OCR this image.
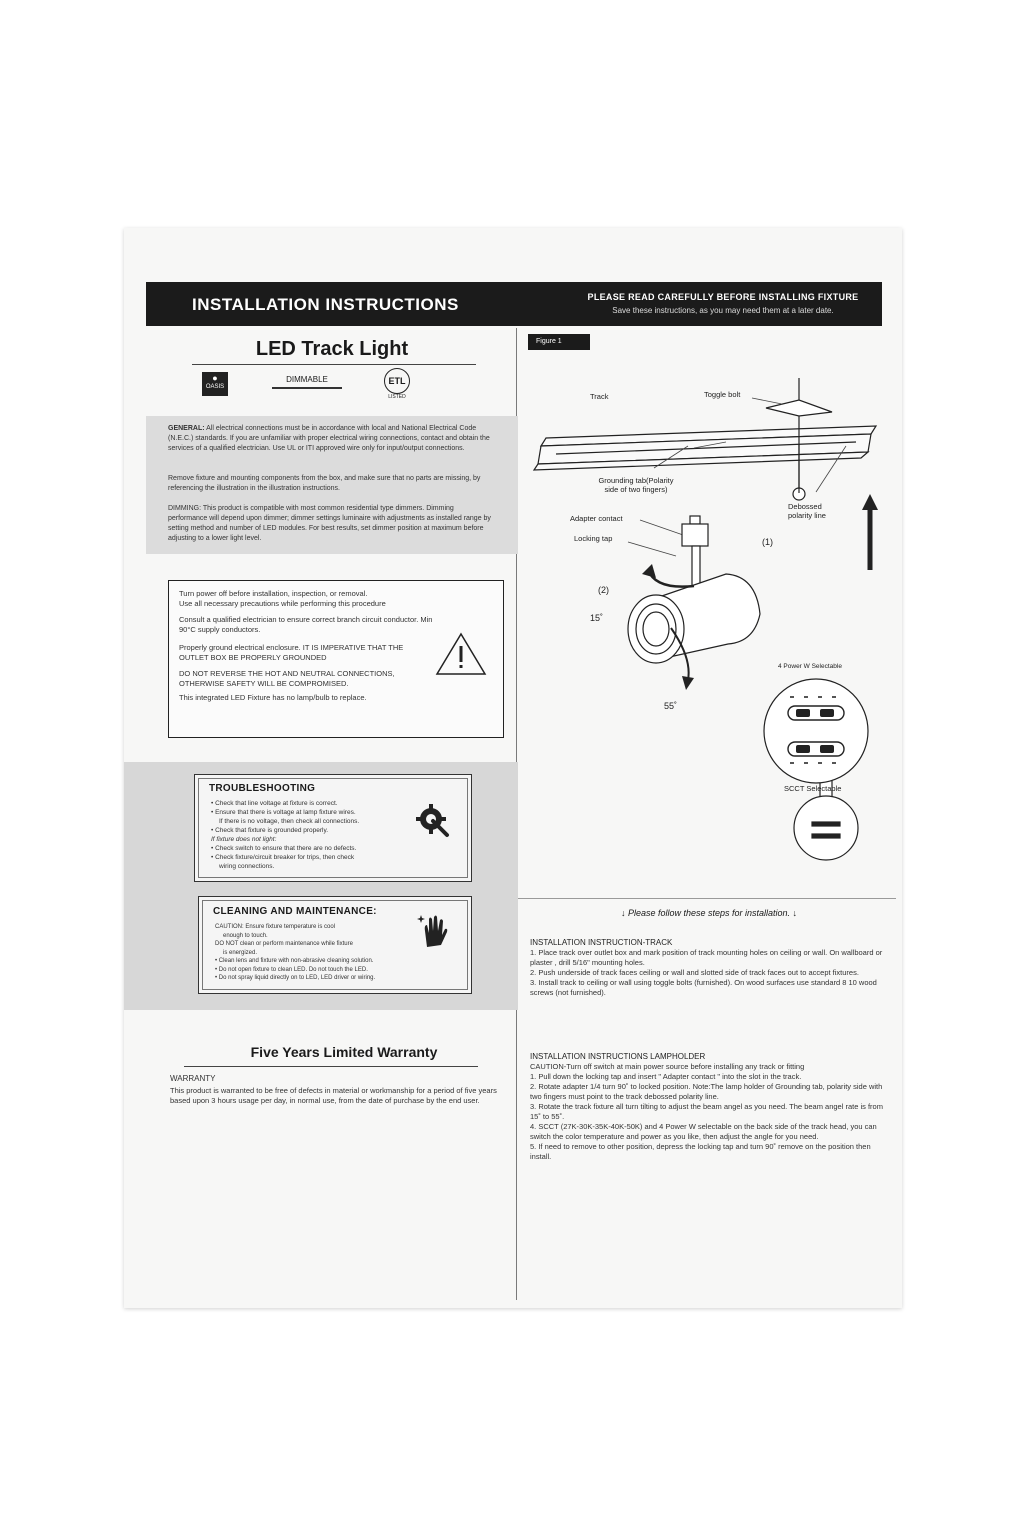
INSTALLATION INSTRUCTIONS	PLEASE READ CAREFULLY BEFORE INSTALLING FIXTURE
Save these instructions, as you may need them at a later date.
LED Track Light
●
OASIS
DIMMABLE	ETL
LISTED
GENERAL: All electrical connections must be in accordance with local and National Electrical Code (N.E.C.) standards. If you are unfamiliar with proper electrical wiring connections, contact and obtain the services of a qualified electrician. Use UL or ITI approved wire only for input/output connections.
Remove fixture and mounting components from the box, and make sure that no parts are missing, by referencing the illustration in the illustration instructions.
DIMMING: This product is compatible with most common residential type dimmers. Dimming performance will depend upon dimmer; dimmer settings luminaire with adjustments as installed range by setting method and number of LED modules. For best results, set dimmer position at maximum before adjusting to a lower light level.
Turn power off before installation, inspection, or removal.
Use all necessary precautions while performing this procedure
Consult a qualified electrician to ensure correct branch circuit conductor. Min 90°C supply conductors.
Properly ground electrical enclosure. IT IS IMPERATIVE THAT THE OUTLET BOX BE PROPERLY GROUNDED
DO NOT REVERSE THE HOT AND NEUTRAL CONNECTIONS, OTHERWISE SAFETY WILL BE COMPROMISED.
This integrated LED Fixture has no lamp/bulb to replace.
TROUBLESHOOTING
• Check that line voltage at fixture is correct.
• Ensure that there is voltage at lamp fixture wires.
If there is no voltage, then check all connections.
• Check that fixture is grounded properly.
If fixture does not light:
• Check switch to ensure that there are no defects.
• Check fixture/circuit breaker for trips, then check
wiring connections.
CLEANING AND MAINTENANCE:
CAUTION: Ensure fixture temperature is cool
enough to touch.
DO NOT clean or perform maintenance while fixture
is energized.
• Clean lens and fixture with non-abrasive cleaning solution.
• Do not open fixture to clean LED. Do not touch the LED.
• Do not spray liquid directly on to LED, LED driver or wiring.
Five Years Limited Warranty
WARRANTY
This product is warranted to be free of defects in material or workmanship for a period of five years based upon 3 hours usage per day, in normal use, from the date of purchase by the end user.
Figure 1
Track	Toggle bolt
Grounding tab(Polarity
side of two fingers)
Debossed
polarity line
Adapter contact
Locking tap	(1)
(2)
15˚
55˚
4 Power W Selectable
SCCT Selectable
↓ Please follow these steps for installation. ↓
INSTALLATION INSTRUCTION-TRACK
1. Place track over outlet box and mark position of track mounting holes on ceiling or wall. On wallboard or plaster , drill 5/16" mounting holes.
2. Push underside of track faces ceiling or wall and slotted side of track faces out to accept fixtures.
3. Install track to ceiling or wall using toggle bolts (furnished). On wood surfaces use standard 8 10 wood screws (not furnished).
INSTALLATION INSTRUCTIONS LAMPHOLDER
CAUTION-Turn off switch at main power source before installing any track or fitting
1. Pull down the locking tap and insert " Adapter contact " into the slot in the track.
2. Rotate adapter 1/4 turn 90˚ to locked position. Note:The lamp holder of Grounding tab, polarity side with two fingers must point to the track debossed polarity line.
3. Rotate the track fixture all turn tilting to adjust the beam angel as you need. The beam angel rate is from 15˚ to 55˚.
4. SCCT (27K-30K-35K-40K-50K) and 4 Power W selectable on the back side of the track head, you can switch the color temperature and power as you like, then adjust the angle for you need.
5. If need to remove to other position, depress the locking tap and turn 90˚ remove on the position then install.
